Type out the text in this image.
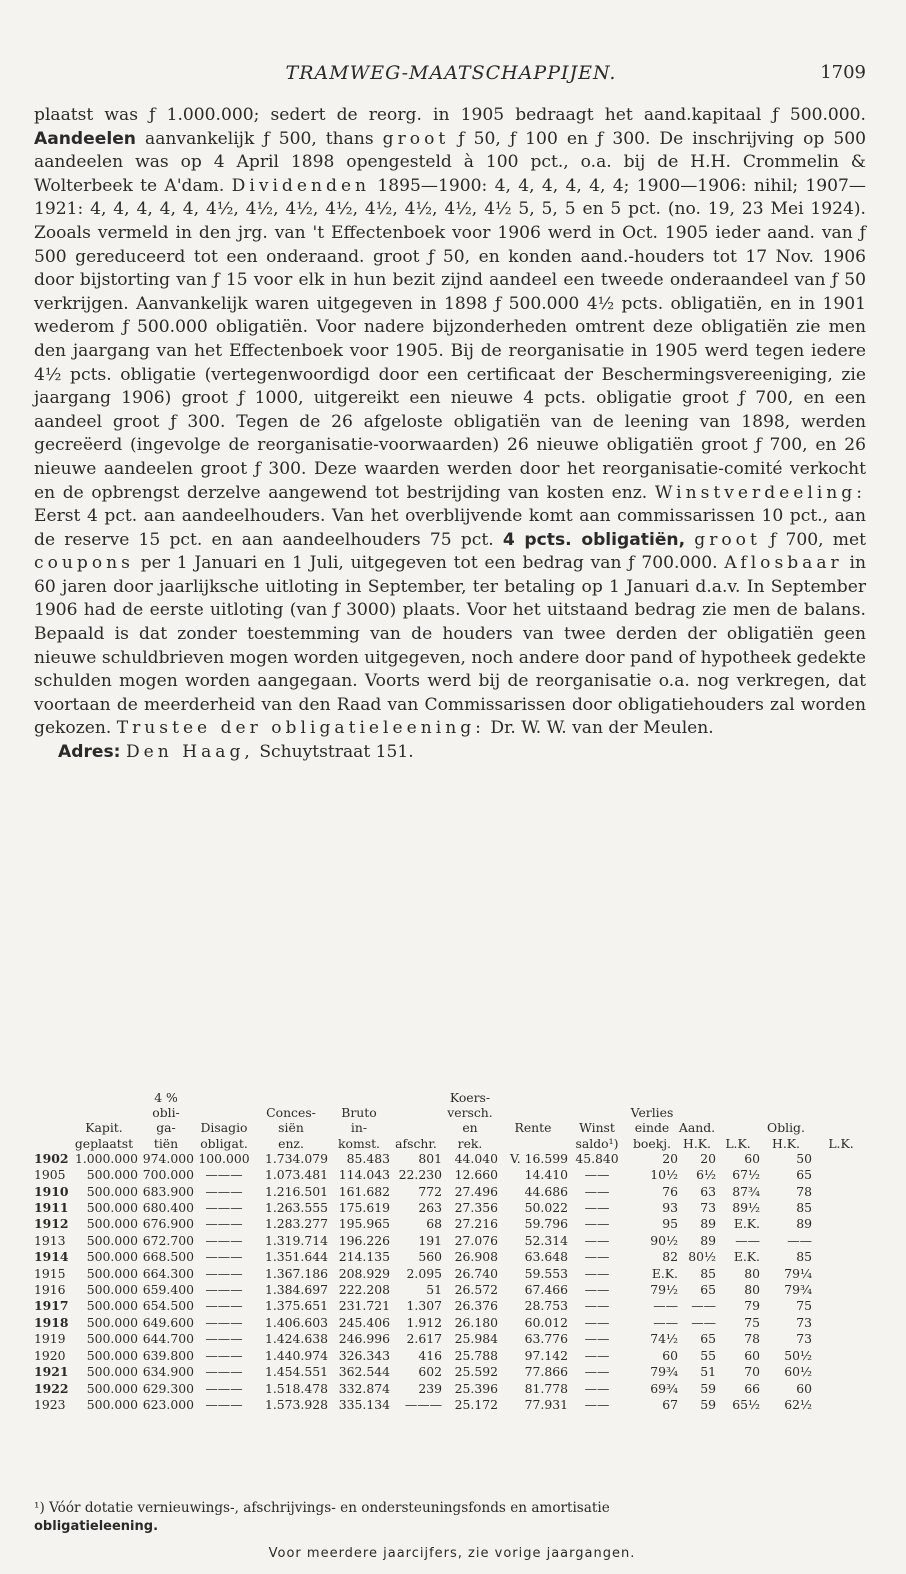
TRAMWEG-MAATSCHAPPIJEN.	1709

plaatst was ƒ 1.000.000; sedert de reorg. in 1905 bedraagt het aand.kapitaal ƒ 500.000. Aandeelen aanvankelijk ƒ 500, thans groot ƒ 50, ƒ 100 en ƒ 300. De inschrijving op 500 aandeelen was op 4 April 1898 opengesteld à 100 pct., o.a. bij de H.H. Crommelin & Wolterbeek te A'dam. Dividenden 1895—1900: 4, 4, 4, 4, 4, 4; 1900—1906: nihil; 1907—1921: 4, 4, 4, 4, 4, 4½, 4½, 4½, 4½, 4½, 4½, 4½, 4½ 5, 5, 5 en 5 pct. (no. 19, 23 Mei 1924). Zooals vermeld in den jrg. van 't Effectenboek voor 1906 werd in Oct. 1905 ieder aand. van ƒ 500 gereduceerd tot een onderaand. groot ƒ 50, en konden aand.-houders tot 17 Nov. 1906 door bijstorting van ƒ 15 voor elk in hun bezit zijnd aandeel een tweede onderaandeel van ƒ 50 verkrijgen. Aanvankelijk waren uitgegeven in 1898 ƒ 500.000 4½ pcts. obligatiën, en in 1901 wederom ƒ 500.000 obligatiën. Voor nadere bijzonderheden omtrent deze obligatiën zie men den jaargang van het Effectenboek voor 1905. Bij de reorganisatie in 1905 werd tegen iedere 4½ pcts. obligatie (vertegenwoordigd door een certificaat der Beschermingsvereeniging, zie jaargang 1906) groot ƒ 1000, uitgereikt een nieuwe 4 pcts. obligatie groot ƒ 700, en een aandeel groot ƒ 300. Tegen de 26 afgeloste obligatiën van de leening van 1898, werden gecreëerd (ingevolge de reorganisatie-voorwaarden) 26 nieuwe obligatiën groot ƒ 700, en 26 nieuwe aandeelen groot ƒ 300. Deze waarden werden door het reorganisatie-comité verkocht en de opbrengst derzelve aangewend tot bestrijding van kosten enz. Winstverdeeling: Eerst 4 pct. aan aandeelhouders. Van het overblijvende komt aan commissarissen 10 pct., aan de reserve 15 pct. en aan aandeelhouders 75 pct. 4 pcts. obligatiën, groot ƒ 700, met coupons per 1 Januari en 1 Juli, uitgegeven tot een bedrag van ƒ 700.000. Aflosbaar in 60 jaren door jaarlijksche uitloting in September, ter betaling op 1 Januari d.a.v. In September 1906 had de eerste uitloting (van ƒ 3000) plaats. Voor het uitstaand bedrag zie men de balans. Bepaald is dat zonder toestemming van de houders van twee derden der obligatiën geen nieuwe schuldbrieven mogen worden uitgegeven, noch andere door pand of hypotheek gedekte schulden mogen worden aangegaan. Voorts werd bij de reorganisatie o.a. nog verkregen, dat voortaan de meerderheid van den Raad van Commissarissen door obligatiehouders zal worden gekozen. Trustee der obligatieleening: Dr. W. W. van der Meulen.

Adres: Den Haag, Schuytstraat 151.

		4 %					Koers-							
		obli-		Conces-	Bruto		versch.			Verlies				
	Kapit.	ga-	Disagio	siën	in-		en	Rente	Winst	einde	Aand.		Oblig.	
	geplaatst	tiën	obligat.	enz.	komst.	afschr.	rek.		saldo¹)	boekj.	H.K.	L.K.	H.K.	L.K.
1902	1.000.000	974.000	100.000	1.734.079	85.483	801	44.040	V. 16.599	45.840	20	20	60	50	
1905	500.000	700.000	———	1.073.481	114.043	22.230	12.660	14.410	——	10½	6½	67½	65	
1910	500.000	683.900	———	1.216.501	161.682	772	27.496	44.686	——	76	63	87¾	78	
1911	500.000	680.400	———	1.263.555	175.619	263	27.356	50.022	——	93	73	89½	85	
1912	500.000	676.900	———	1.283.277	195.965	68	27.216	59.796	——	95	89	E.K.	89	
1913	500.000	672.700	———	1.319.714	196.226	191	27.076	52.314	——	90½	89	——	——	
1914	500.000	668.500	———	1.351.644	214.135	560	26.908	63.648	——	82	80½	E.K.	85	
1915	500.000	664.300	———	1.367.186	208.929	2.095	26.740	59.553	——	E.K.	85	80	79¼	
1916	500.000	659.400	———	1.384.697	222.208	51	26.572	67.466	——	79½	65	80	79¾	
1917	500.000	654.500	———	1.375.651	231.721	1.307	26.376	28.753	——	——	——	79	75	
1918	500.000	649.600	———	1.406.603	245.406	1.912	26.180	60.012	——	——	——	75	73	
1919	500.000	644.700	———	1.424.638	246.996	2.617	25.984	63.776	——	74½	65	78	73	
1920	500.000	639.800	———	1.440.974	326.343	416	25.788	97.142	——	60	55	60	50½	
1921	500.000	634.900	———	1.454.551	362.544	602	25.592	77.866	——	79¾	51	70	60½	
1922	500.000	629.300	———	1.518.478	332.874	239	25.396	81.778	——	69¾	59	66	60	
1923	500.000	623.000	———	1.573.928	335.134	———	25.172	77.931	——	67	59	65½	62½	
¹) Vóór dotatie vernieuwings-, afschrijvings- en ondersteuningsfonds en amortisatie
obligatieleening.
Voor meerdere jaarcijfers, zie vorige jaargangen.
